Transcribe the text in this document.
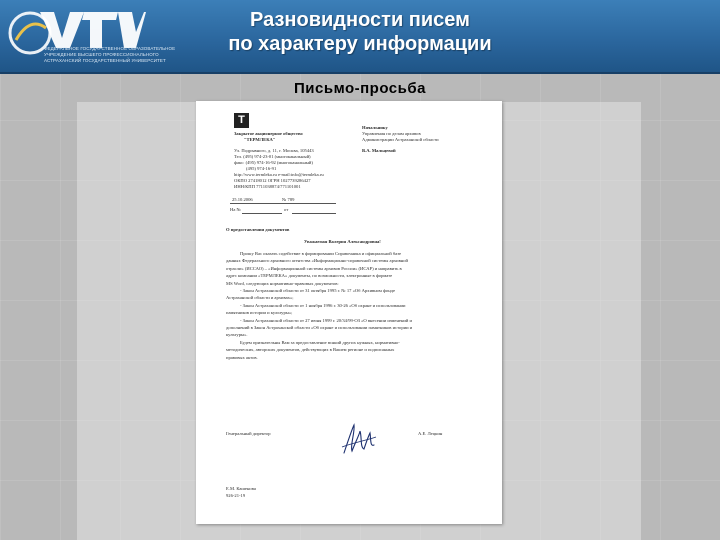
ФЕДЕРАЛЬНОЕ ГОСУДАРСТВЕННОЕ ОБРАЗОВАТЕЛЬНОЕ
УЧРЕЖДЕНИЕ ВЫСШЕГО ПРОФЕССИОНАЛЬНОГО
АСТРАХАНСКИЙ ГОСУДАРСТВЕННЫЙ УНИВЕРСИТЕТ
Разновидности писем
по характеру информации
Письмо-просьба
Т
Закрытое акционерное общество
"ТЕРМЛЕКА"
Ул. Подрывного, д. 11, г. Москва, 105443
Тел. (495) 974-23-01 (многоканальный)
факс: (495) 974-16-92 (многоканальный)
(495) 974-16-91
http://www.termleka.ru e-mail:info@termleka.ru
ОКПО 27418012 ОГРН 1027739286427
ИНН/КПП 7711038874/771101001
Начальнику
Управления по делам архивов
Администрации Астраханской области
В.А. Мальцевой
25.10.2006	№ 789
На №	от
О предоставлении документов
Уважаемая Валерия Александровна!
Прошу Вас оказать содействие в формировании Справочника и официальной базе
данных Федерального архивного агентства «Информационно-справочной системы архивной
отрасли» (ИССАО) – «Информационной системы архивов России» (ИСАР) и направить в
адрес компании «ТЕРМЛЕКА» документы, по возможности, электронные в формате
MS Word, следующих нормативно-правовых документов:
- Закон Астраханской области от 31 октября 1995 г. № 17 «Об Архивном фонде
Астраханской области и архивах»;
- Закон Астраханской области от 1 ноября 1996 г. 30-26 «Об охране и использовании
памятников истории и культуры»;
- Закон Астраханской области от 27 июня 1999 г. 20/34/99-ОЗ «О внесении изменений и
дополнений в Закон Астраханской области «Об охране и использовании памятников истории и
культуры».
Будем признательны Вам за предоставление всякий других нужных, нормативно-
методических, авторских документов, действующих в Вашем регионе и подписанных
правовых актов.
Генеральный директор	А.Е. Лецкин
Е.М. Кашенова
926-21-19
